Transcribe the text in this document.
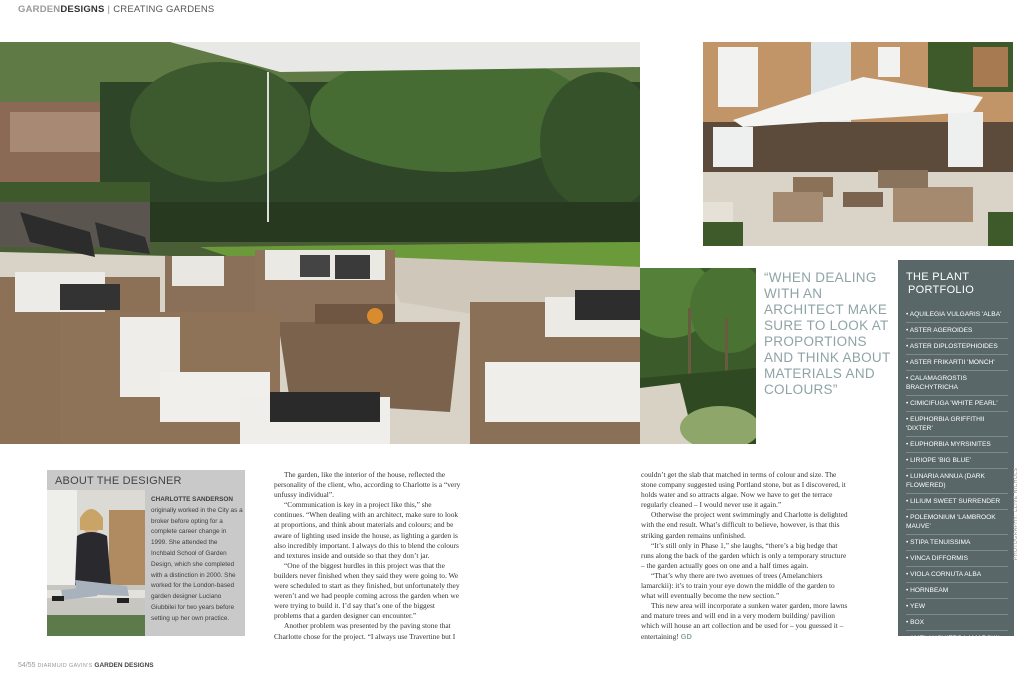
GARDENDESIGNS | CREATING GARDENS
“WHEN DEALING WITH AN ARCHITECT MAKE SURE TO LOOK AT PROPORTIONS AND THINK ABOUT MATERIALS AND COLOURS”
THE PLANT
PORTFOLIO
• AQUILEGIA VULGARIS 'ALBA'
• ASTER AGEROIDES
• ASTER DIPLOSTEPHIOIDES
• ASTER FRIKARTII 'MONCH'
• CALAMAGROSTIS BRACHYTRICHA
• CIMICIFUGA 'WHITE PEARL'
• EUPHORBIA GRIFFITHII 'DIXTER'
• EUPHORBIA MYRSINITES
• LIRIOPE 'BIG BLUE'
• LUNARIA ANNUA (DARK FLOWERED)
• LILIUM SWEET SURRENDER
• POLEMONIUM 'LAMBROOK MAUVE'
• STIPA TENUISSIMA
• VINCA DIFFORMIS
• VIOLA CORNUTA ALBA
• HORNBEAM
• YEW
• BOX
• AMELANCHIERS LAMARCKII
PHOTOGRAPHY: CLIVE NICHOLS
ABOUT THE DESIGNER
CHARLOTTE SANDERSON originally worked in the City as a broker before opting for a complete career change in 1999. She attended the Inchbald School of Garden Design, which she completed with a distinction in 2000. She worked for the London-based garden designer Luciano Giubbilei for two years before setting up her own practice.

The garden, like the interior of the house, reflected the personality of the client, who, according to Charlotte is a “very unfussy individual”.

“Communication is key in a project like this,” she continues. “When dealing with an architect, make sure to look at proportions, and think about materials and colours; and be aware of lighting used inside the house, as lighting a garden is also incredibly important. I always do this to blend the colours and textures inside and outside so that they don’t jar.

“One of the biggest hurdles in this project was that the builders never finished when they said they were going to. We were scheduled to start as they finished, but unfortunately they weren’t and we had people coming across the garden when we were trying to build it. I’d say that’s one of the biggest problems that a garden designer can encounter.”

Another problem was presented by the paving stone that Charlotte chose for the project. “I always use Travertine but I

couldn’t get the slab that matched in terms of colour and size. The stone company suggested using Portland stone, but as I discovered, it holds water and so attracts algae. Now we have to get the terrace regularly cleaned – I would never use it again.”

Otherwise the project went swimmingly and Charlotte is delighted with the end result. What’s difficult to believe, however, is that this striking garden remains unfinished.

“It’s still only in Phase 1,” she laughs, “there’s a big hedge that runs along the back of the garden which is only a temporary structure – the garden actually goes on one and a half times again.

“That’s why there are two avenues of trees (Amelanchiers lamarckii): it’s to train your eye down the middle of the garden to what will eventually become the new section.”

This new area will incorporate a sunken water garden, more lawns and mature trees and will end in a very modern building/ pavilion which will house an art collection and be used for – you guessed it – entertaining! GD

54/55 DIARMUID GAVIN'S GARDEN DESIGNS
